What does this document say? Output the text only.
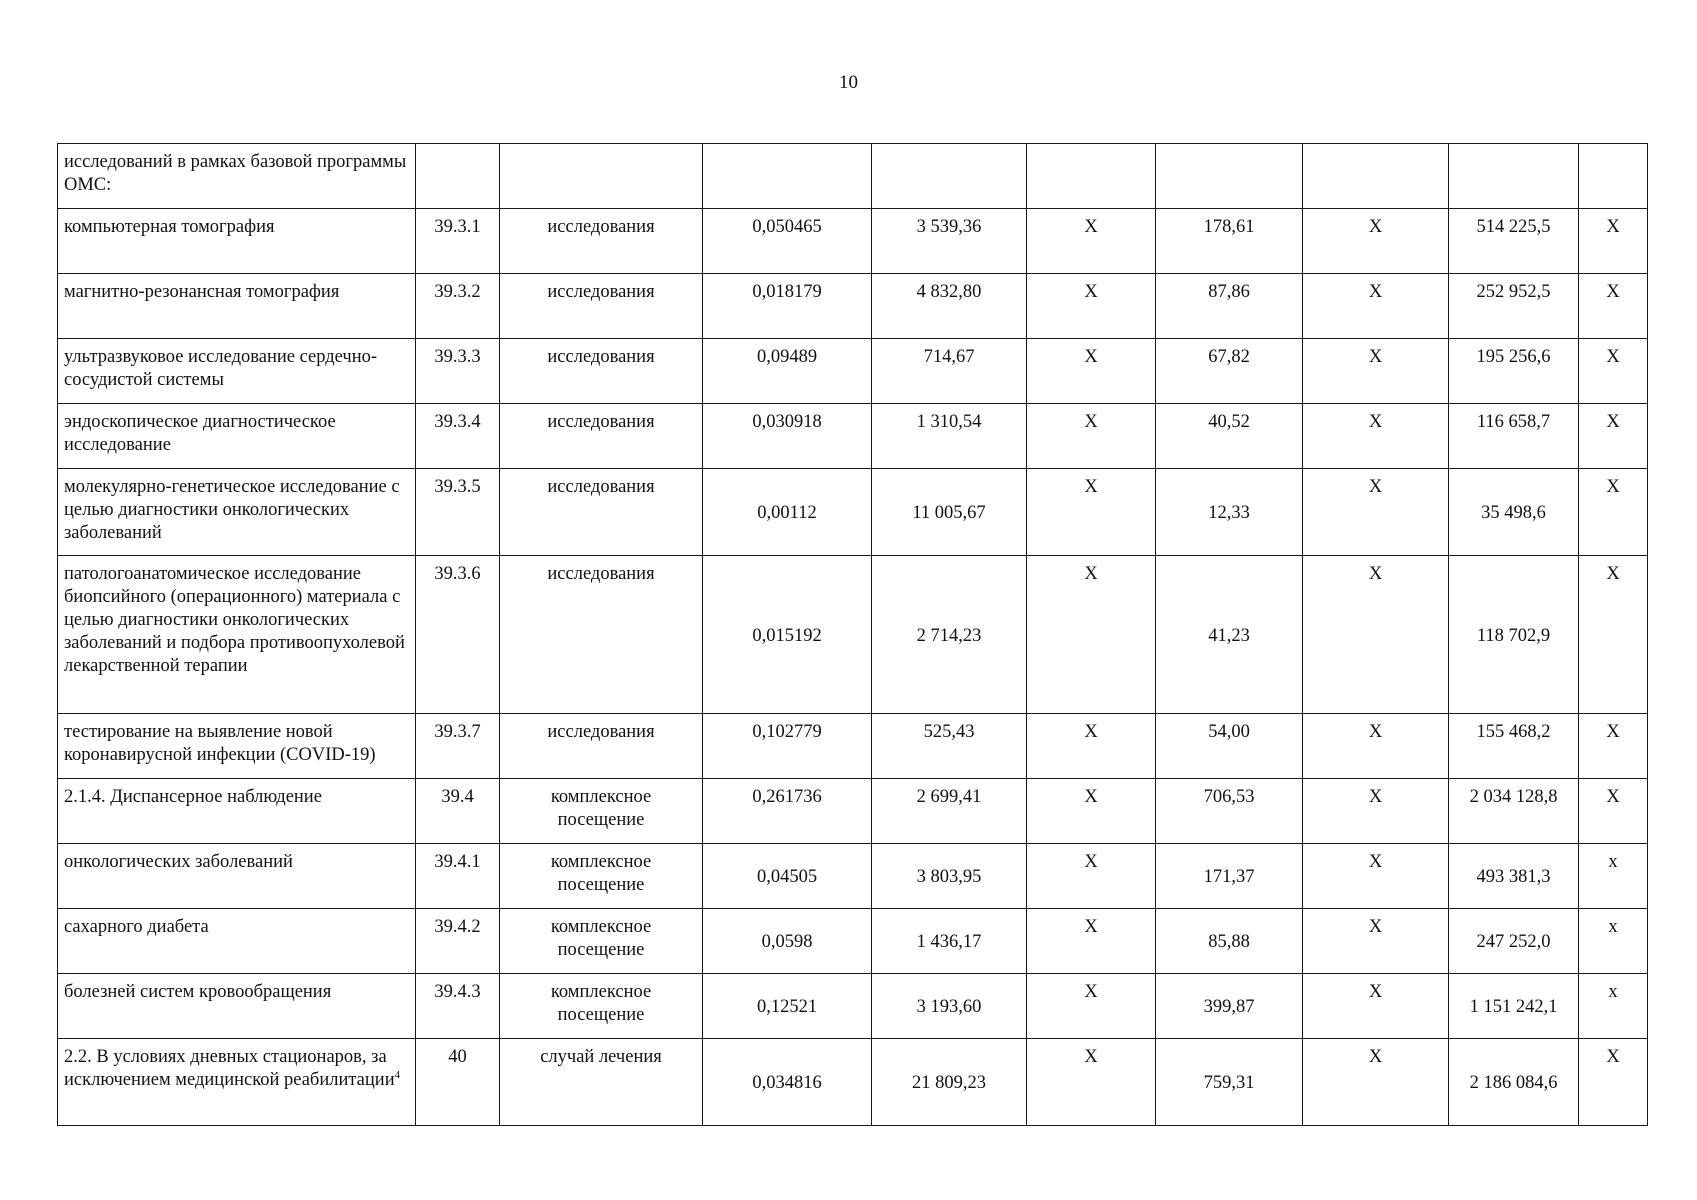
10
исследований в рамках базовой программы ОМС:									
компьютерная томография	39.3.1	исследования	0,050465	3 539,36	Х	178,61	Х	514 225,5	Х
магнитно-резонансная томография	39.3.2	исследования	0,018179	4 832,80	Х	87,86	Х	252 952,5	Х
ультразвуковое исследование сердечно-сосудистой системы	39.3.3	исследования	0,09489	714,67	Х	67,82	Х	195 256,6	Х
эндоскопическое диагностическое исследование	39.3.4	исследования	0,030918	1 310,54	Х	40,52	Х	116 658,7	Х
молекулярно-генетическое исследование с целью диагностики онкологических заболеваний	39.3.5	исследования	0,00112	11 005,67	Х	12,33	Х	35 498,6	Х
патологоанатомическое исследование биопсийного (операционного) материала с целью диагностики онкологических заболеваний и подбора противоопухолевой лекарственной терапии	39.3.6	исследования	0,015192	2 714,23	Х	41,23	Х	118 702,9	Х
тестирование на выявление новой коронавирусной инфекции (COVID-19)	39.3.7	исследования	0,102779	525,43	Х	54,00	Х	155 468,2	Х
2.1.4. Диспансерное наблюдение	39.4	комплексное посещение	0,261736	2 699,41	Х	706,53	Х	2 034 128,8	Х
онкологических заболеваний	39.4.1	комплексное посещение	0,04505	3 803,95	Х	171,37	Х	493 381,3	х
сахарного диабета	39.4.2	комплексное посещение	0,0598	1 436,17	Х	85,88	Х	247 252,0	х
болезней систем кровообращения	39.4.3	комплексное посещение	0,12521	3 193,60	Х	399,87	Х	1 151 242,1	х
2.2. В условиях дневных стационаров, за исключением медицинской реабилитации$^4$	40	случай лечения	0,034816	21 809,23	Х	759,31	Х	2 186 084,6	Х
